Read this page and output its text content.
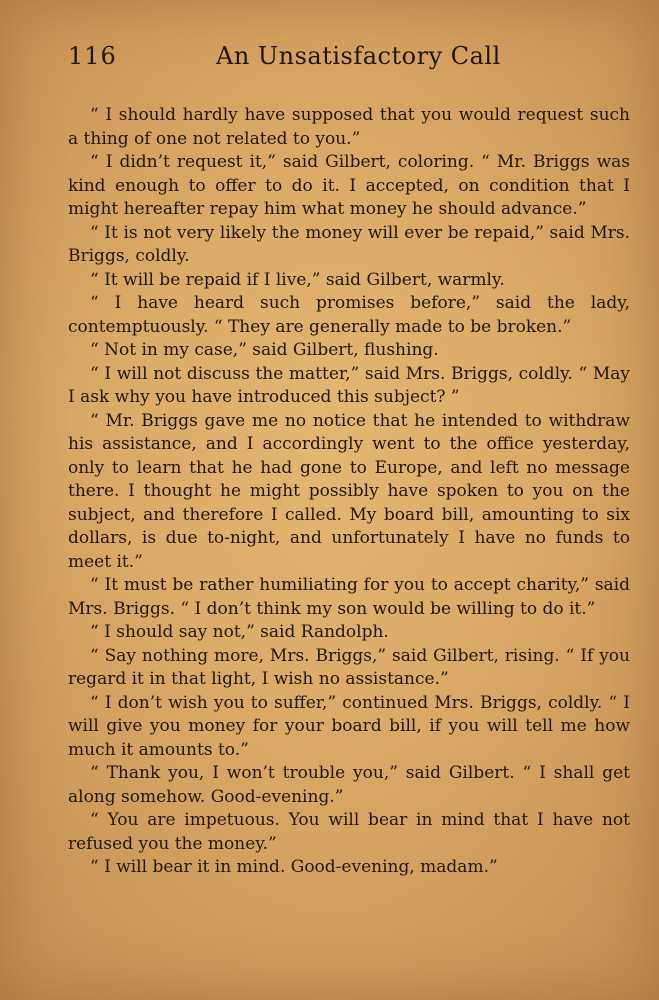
116	An Unsatisfactory Call

“ I should hardly have supposed that you would request such a thing of one not related to you.”

“ I didn’t request it,” said Gilbert, coloring. “ Mr. Briggs was kind enough to offer to do it. I accepted, on condition that I might hereafter repay him what money he should advance.”

“ It is not very likely the money will ever be repaid,” said Mrs. Briggs, coldly.

“ It will be repaid if I live,” said Gilbert, warmly.

“ I have heard such promises before,” said the lady, contemptuously. “ They are generally made to be broken.”

“ Not in my case,” said Gilbert, flushing.

“ I will not discuss the matter,” said Mrs. Briggs, coldly. “ May I ask why you have introduced this subject? ”

“ Mr. Briggs gave me no notice that he intended to withdraw his assistance, and I accordingly went to the office yesterday, only to learn that he had gone to Europe, and left no message there. I thought he might possibly have spoken to you on the subject, and therefore I called. My board bill, amounting to six dollars, is due to-night, and unfortunately I have no funds to meet it.”

“ It must be rather humiliating for you to accept charity,” said Mrs. Briggs. “ I don’t think my son would be willing to do it.”

“ I should say not,” said Randolph.

“ Say nothing more, Mrs. Briggs,” said Gilbert, rising. “ If you regard it in that light, I wish no assistance.”

“ I don’t wish you to suffer,” continued Mrs. Briggs, coldly. “ I will give you money for your board bill, if you will tell me how much it amounts to.”

“ Thank you, I won’t trouble you,” said Gilbert. “ I shall get along somehow. Good-evening.”

“ You are impetuous. You will bear in mind that I have not refused you the money.”

“ I will bear it in mind. Good-evening, madam.”
